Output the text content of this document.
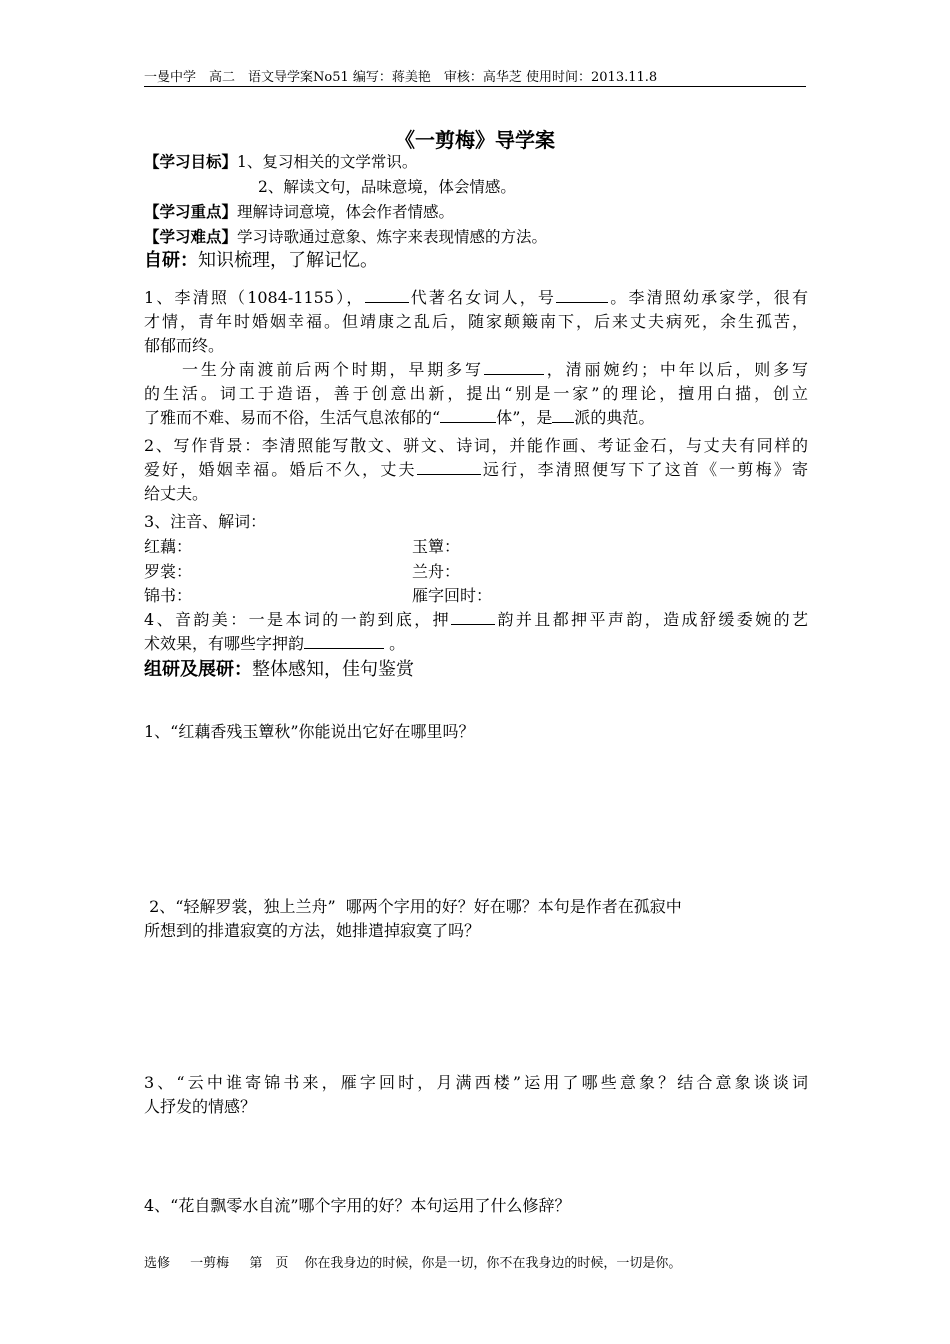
一曼中学　高二　语文导学案No51 编写：蒋美艳　审核：高华芝 使用时间：2013.11.8
《一剪梅》导学案
【学习目标】1、复习相关的文学常识。
2、解读文句，品味意境，体会情感。
【学习重点】理解诗词意境，体会作者情感。
【学习难点】学习诗歌通过意象、炼字来表现情感的方法。
自研：知识梳理，了解记忆。
1、李清照（1084-1155），	代著名女词人，号	。李清照幼承家学，很有
才情，青年时婚姻幸福。但靖康之乱后，随家颠簸南下，后来丈夫病死，余生孤苦，
郁郁而终。
一生分南渡前后两个时期，早期多写	，清丽婉约；中年以后，则多写
的生活。词工于造语，善于创意出新，提出“别是一家”的理论，擅用白描，创立
了雅而不难、易而不俗，生活气息浓郁的“	体”，是 派的典范。
2、写作背景：李清照能写散文、骈文、诗词，并能作画、考证金石，与丈夫有同样的
爱好，婚姻幸福。婚后不久，丈夫	远行，李清照便写下了这首《一剪梅》寄
给丈夫。
3、注音、解词：
红藕：	玉簟：
罗裳：	兰舟：
锦书：	雁字回时：
4、音韵美：一是本词的一韵到底，押	韵并且都押平声韵，造成舒缓委婉的艺
术效果，有哪些字押韵	。
组研及展研：整体感知，佳句鉴赏
1、“红藕香残玉簟秋”你能说出它好在哪里吗？
2、“轻解罗裳，独上兰舟”  哪两个字用的好？好在哪？本句是作者在孤寂中
所想到的排遣寂寞的方法，她排遣掉寂寞了吗？
3、“云中谁寄锦书来，雁字回时，月满西楼”运用了哪些意象？结合意象谈谈词
人抒发的情感？
4、“花自飘零水自流”哪个字用的好？本句运用了什么修辞？
选修 一剪梅 第　页 你在我身边的时候，你是一切，你不在我身边的时候，一切是你。
